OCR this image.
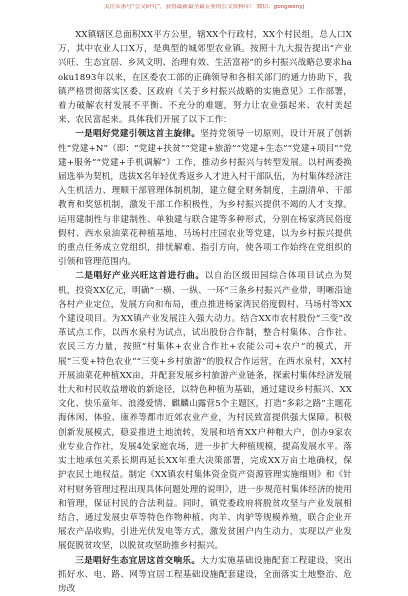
关注头条号“公文研究”，获得最新最全最专业的公文资料库！ 微信：gongwenyj

XX镇辖区总面积XX平方公里，辖XX个行政村，XX个村民组，总人口X万，其中农业人口X万，是典型的城郊型农业镇。按照十九大报告提出“产业兴旺、生态宜居、乡风文明、治理有效、生活富裕”的乡村振兴战略总要求haoku1893年以来，在区委农工部的正确领导和各相关部门的通力协助下，我镇严格贯彻落实区委、区政府《关于乡村振兴战略的实施意见》工作部署，着力破解农村发展不平衡、不充分的难题，努力让农业强起来、农村美起来、农民富起来。具体我们开展了以下工作：

一是唱好党建引领这首主旋律。坚持党领导一切原则，设计开展了创新性“党建+N”（即：“党建+扶贫”“党建+旅游”“党建+生态”“党建+项目”“党建+服务”“党建+手机调解”）工作，推动乡村振兴与转型发展。以村两委换届选举为契机，选拔X名年轻优秀返乡人才进入村干部队伍，为村集体经济注入生机活力、理顺干部管理体制机制，建立健全财务制度，主副清单、干部教育和奖惩机制，激发干部工作积极性，为乡村振兴提供不竭的人才支撑。运用建制性与非建制性、单独建与联合建等多种形式，分别在杨家湾民俗度假村、西水泉油菜花种植基地、马场村庄园农业等党建，以为乡村振兴提供的重点任务成立党组织，排忧解难、指引方向，使各项工作始终在党组织的引领和管理范围内。

二是唱好产业兴旺这首进行曲。以自治区级田园综合体项目试点为契机，投资XX亿元，明确“一横、一纵、一环”三条乡村振兴产业带，明晰沿途各村产业定位，发展方向和布局，重点推进杨家湾民俗度假村、马场村等XX个建设项目。为XX镇产业发展注入强大动力。结合XX市农村股份“三变”改革试点工作，以西水泉村为试点，试出股份合作制，整合村集体、合作社、农民三方力量，按照“村集体+农业合作社+农能公司+农户”的模式，开展“三变+特色农业”“三变+乡村旅游”的股权合作运营，在西水泉村，XX村开展油菜花种植XX亩，并配套发展乡村旅游产业链条，探索村集体经济发展壮大和村民收益增收的新途径，以特色种植为基础，通过建设乡村振兴、XX文化、快乐童年、浪漫爱情、麒麟山露营5个主题区，打造“多彩之路”主题花海休闲、体验、康养等都市近郊农业产业，为村民致富提供强大保障。积极创新发展模式，稳妥推进土地流转，发展和培育XX户种粮大户，创办9家农业专业合作社，发展4处家庭农场，进一步扩大种植规模，提高发展水平。落实土地承包关系长期再延长XX年重大决策部署，完成XX万亩土地确权，保护农民土地权益。制定《XX镇农村集体资金资产资源管理实施细则》和《针对村财务管理过程出现具体问题处理的说明》，进一步规范村集体经济的使用和管理，保证村民的合法利益。同时，镇党委政府将脱贫攻坚与产业发展相结合，通过发展虫草等特色作物种植、肉羊、肉驴等规模养殖，联合企业开展农产品收购，引进光伏发电等方式，激发贫困户内生动力，实现以产业发展促脱贫攻坚，以脱贫攻坚助推乡村振兴。

三是唱好生态宜居这首交响乐。大力实施基础设施配套工程建设，突出抓好水、电、路、网等宜居工程基础设施配套建设，全面落实土地整治、危房改
